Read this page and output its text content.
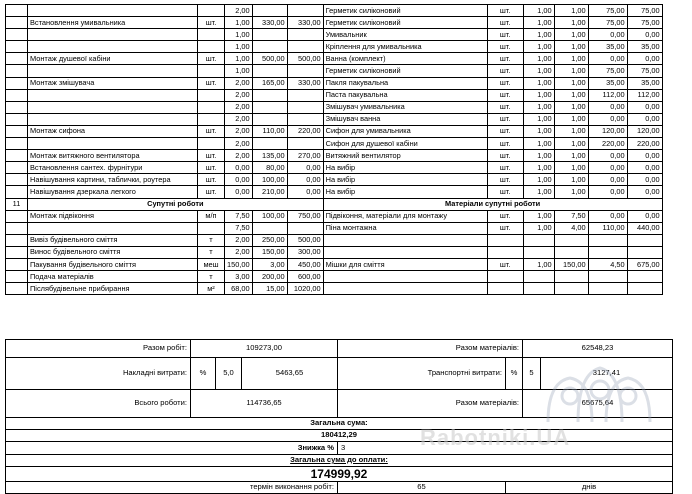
			2,00			Герметик силіконовий	шт.	1,00	1,00	75,00	75,00
	Встановлення умивальника	шт.	1,00	330,00	330,00	Герметик силіконовий	шт.	1,00	1,00	75,00	75,00
			1,00			Умивальник	шт.	1,00	1,00	0,00	0,00
			1,00			Кріплення для умивальника	шт.	1,00	1,00	35,00	35,00
	Монтаж душевої кабіни	шт.	1,00	500,00	500,00	Ванна (комплект)	шт.	1,00	1,00	0,00	0,00
			1,00			Герметик силіконовий	шт.	1,00	1,00	75,00	75,00
	Монтаж змішувача	шт.	2,00	165,00	330,00	Пакля пакувальна	шт.	1,00	1,00	35,00	35,00
			2,00			Паста пакувальна	шт.	1,00	1,00	112,00	112,00
			2,00			Змішувач умивальника	шт.	1,00	1,00	0,00	0,00
			2,00			Змішувач ванна	шт.	1,00	1,00	0,00	0,00
	Монтаж сифона	шт.	2,00	110,00	220,00	Сифон для умивальника	шт.	1,00	1,00	120,00	120,00
			2,00			Сифон для душевої кабіни	шт.	1,00	1,00	220,00	220,00
	Монтаж витяжного вентилятора	шт.	2,00	135,00	270,00	Витяжний вентилятор	шт.	1,00	1,00	0,00	0,00
	Встановлення сантех. фурнітури	шт.	0,00	80,00	0,00	На вибір	шт.	1,00	1,00	0,00	0,00
	Навішування картини, таблички, роутера	шт.	0,00	100,00	0,00	На вибір	шт.	1,00	1,00	0,00	0,00
	Навішування дзеркала легкого	шт.	0,00	210,00	0,00	На вибір	шт.	1,00	1,00	0,00	0,00
11	Супутні роботи					Матеріали супутні роботи					
	Монтаж підвіконня	м/п	7,50	100,00	750,00	Підвіконня, матеріали для монтажу	шт.	1,00	7,50	0,00	0,00
			7,50			Піна монтажна	шт.	1,00	4,00	110,00	440,00
	Вивіз будівельного сміття	т	2,00	250,00	500,00						
	Винос будівельного сміття	т	2,00	150,00	300,00						
	Пакування будівельного сміття	меш	150,00	3,00	450,00	Мішки для сміття	шт.	1,00	150,00	4,50	675,00
	Подача матеріалів	т	3,00	200,00	600,00						
	Післябудівельне прибирання	м²	68,00	15,00	1020,00						

Разом робіт:	109273,00			Разом матеріалів:		62548,23	
Накладні витрати:	%	5,0	5463,65	Транспортні витрати:	%	5	3127,41
Всього роботи:	114736,65			Разом матеріалів:		65675,64	
Загальна сума:							
180412,29							
Знижка %				3			
Загальна сума до оплати:							
174999,92							
термін виконання робіт:				65	днів		
Rabotniki.UA
